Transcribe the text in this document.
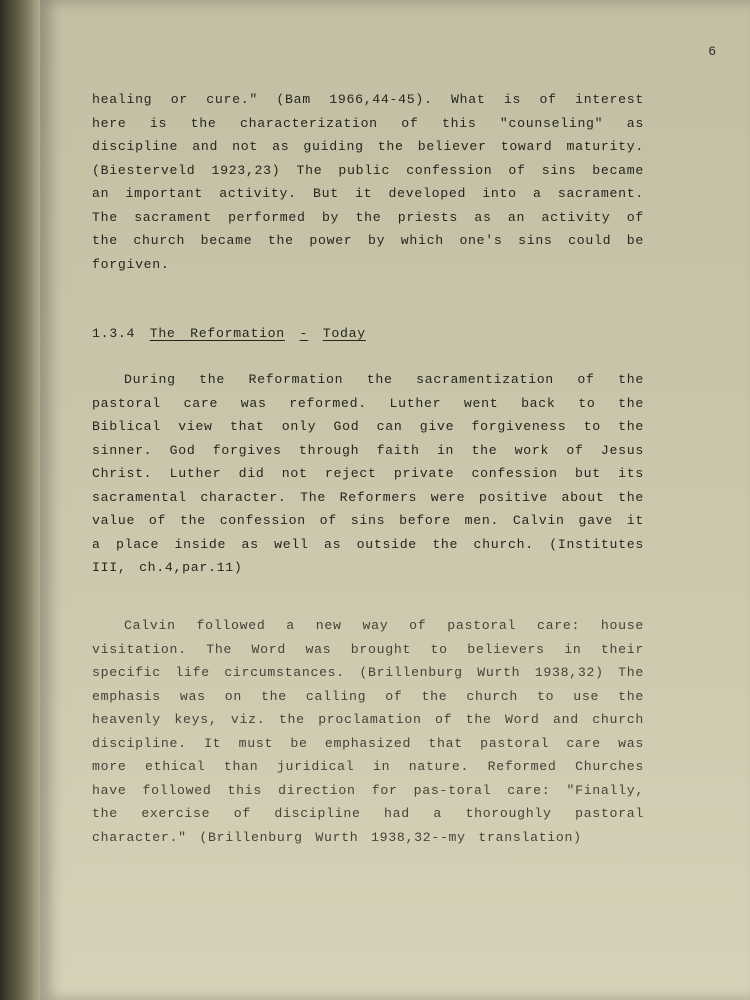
6

healing or cure." (Bam 1966,44-45). What is of interest here is the characterization of this "counseling" as discipline and not as guiding the believer toward maturity. (Biesterveld 1923,23) The public confession of sins became an important activity. But it developed into a sacrament. The sacrament performed by the priests as an activity of the church became the power by which one's sins could be forgiven.

1.3.4 The Reformation - Today

During the Reformation the sacramentization of the pastoral care was reformed. Luther went back to the Biblical view that only God can give forgiveness to the sinner. God forgives through faith in the work of Jesus Christ. Luther did not reject private confession but its sacramental character. The Reformers were positive about the value of the confession of sins before men. Calvin gave it a place inside as well as outside the church. (Institutes III, ch.4,par.11)

Calvin followed a new way of pastoral care: house visitation. The Word was brought to believers in their specific life circumstances. (Brillenburg Wurth 1938,32) The emphasis was on the calling of the church to use the heavenly keys, viz. the proclamation of the Word and church discipline. It must be emphasized that pastoral care was more ethical than juridical in nature. Reformed Churches have followed this direction for pas-toral care: "Finally, the exercise of discipline had a thoroughly pastoral character." (Brillenburg Wurth 1938,32--my translation)
